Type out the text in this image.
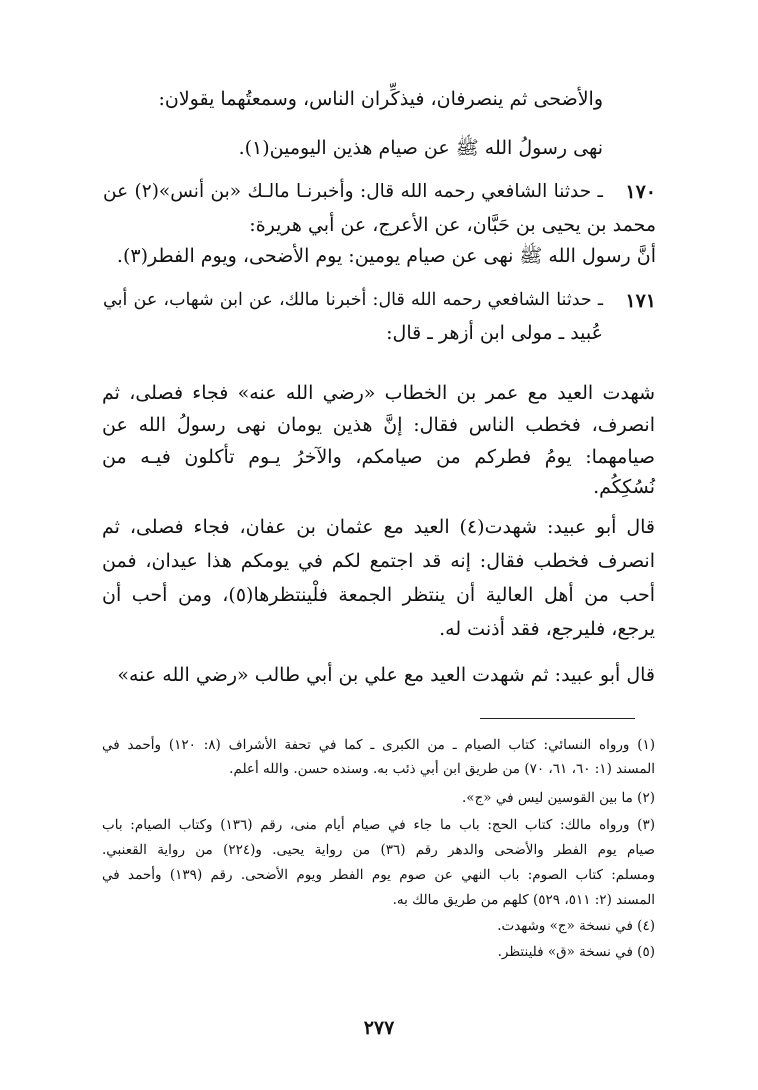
والأضحى ثم ينصرفان، فيذكِّران الناس، وسمعتُهما يقولان:
نهى رسولُ الله ﷺ عن صيام هذين اليومين(١).
١٧٠
ـ حدثنا الشافعي رحمه الله قال: وأخبرنـا مالـك «بن أنس»(٢) عن
محمد بن يحيى بن حَبَّان، عن الأعرج، عن أبي هريرة:
أنَّ رسول الله ﷺ نهى عن صيام يومين: يوم الأضحى، ويوم الفطر(٣).
١٧١
ـ حدثنا الشافعي رحمه الله قال: أخبرنا مالك، عن ابن شهاب، عن أبي
عُبيد ـ مولى ابن أزهر ـ قال:
شهدت العيد مع عمر بن الخطاب «رضي الله عنه» فجاء فصلى، ثم
انصرف، فخطب الناس فقال: إنَّ هذين يومان نهى رسولُ الله عن
صيامهما: يومُ فطركم من صيامكم، والآخرُ يـوم تأكلون فيـه من
نُسُكِكُم.
قال أبو عبيد: شهدت(٤) العيد مع عثمان بن عفان، فجاء فصلى، ثم
انصرف فخطب فقال: إنه قد اجتمع لكم في يومكم هذا عيدان، فمن
أحب من أهل العالية أن ينتظر الجمعة فلْينتظرها(٥)، ومن أحب أن
يرجع، فليرجع، فقد أذنت له.
قال أبو عبيد: ثم شهدت العيد مع علي بن أبي طالب «رضي الله عنه»
(١) ورواه النسائي: كتاب الصيام ـ من الكبرى ـ كما في تحفة الأشراف (٨: ١٢٠) وأحمد في
المسند (١: ٦٠، ٦١، ٧٠) من طريق ابن أبي ذئب به. وسنده حسن. والله أعلم.
(٢) ما بين القوسين ليس في «ج».
(٣) ورواه مالك: كتاب الحج: باب ما جاء في صيام أيام منى، رقم (١٣٦) وكتاب الصيام: باب
صيام يوم الفطر والأضحى والدهر رقم (٣٦) من رواية يحيى. و(٢٢٤) من رواية القعنبي.
ومسلم: كتاب الصوم: باب النهي عن صوم يوم الفطر ويوم الأضحى. رقم (١٣٩) وأحمد في
المسند (٢: ٥١١، ٥٢٩) كلهم من طريق مالك به.
(٤) في نسخة «ج» وشهدت.
(٥) في نسخة «ق» فلينتظر.
٢٧٧
